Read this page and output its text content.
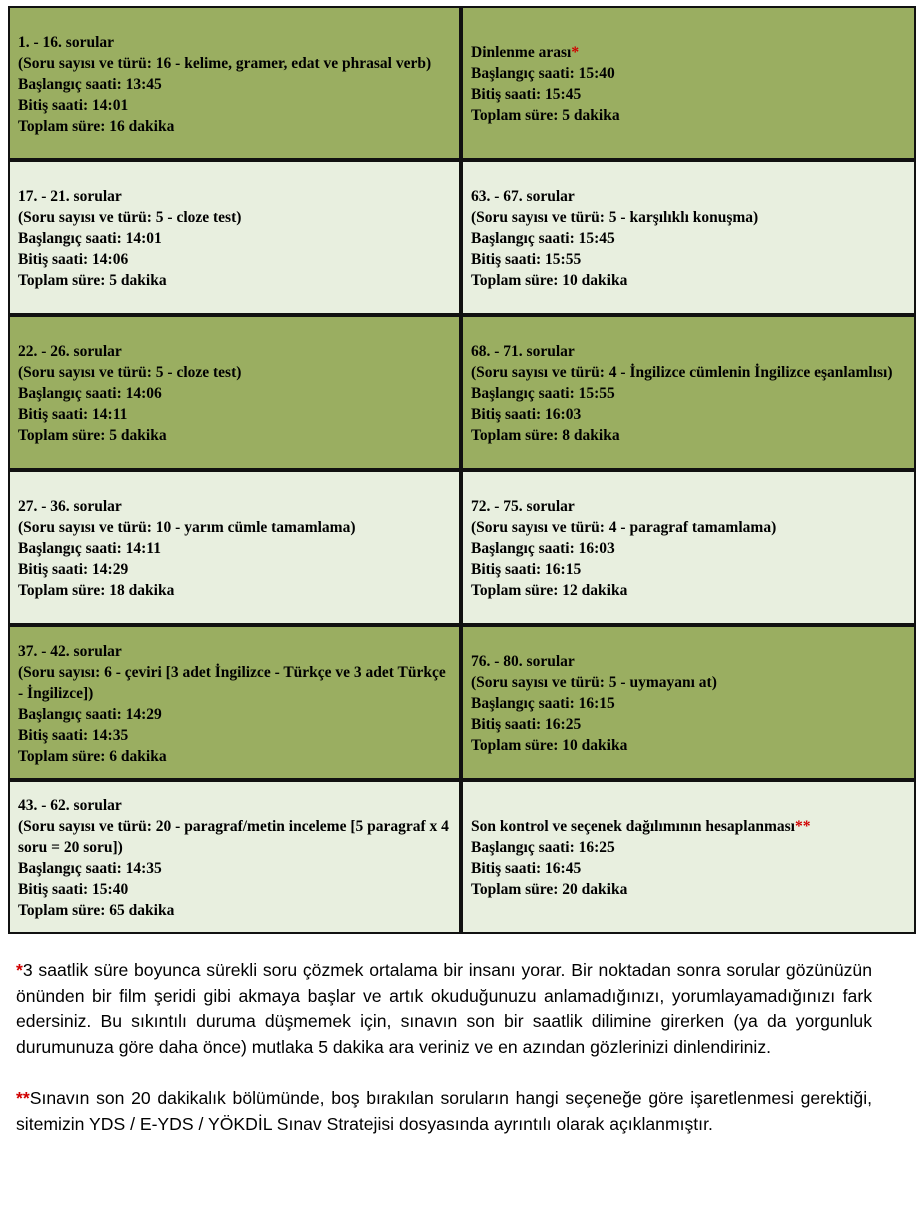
1. - 16. sorular
(Soru sayısı ve türü: 16 - kelime, gramer, edat ve phrasal verb)
Başlangıç saati: 13:45
Bitiş saati: 14:01
Toplam süre: 16 dakika
Dinlenme arası*
Başlangıç saati: 15:40
Bitiş saati: 15:45
Toplam süre: 5 dakika
17. - 21. sorular
(Soru sayısı ve türü: 5 - cloze test)
Başlangıç saati: 14:01
Bitiş saati: 14:06
Toplam süre: 5 dakika
63. - 67. sorular
(Soru sayısı ve türü: 5 - karşılıklı konuşma)
Başlangıç saati: 15:45
Bitiş saati: 15:55
Toplam süre: 10 dakika
22. - 26. sorular
(Soru sayısı ve türü: 5 - cloze test)
Başlangıç saati: 14:06
Bitiş saati: 14:11
Toplam süre: 5 dakika
68. - 71. sorular
(Soru sayısı ve türü: 4 - İngilizce cümlenin İngilizce eşanlamlısı)
Başlangıç saati: 15:55
Bitiş saati: 16:03
Toplam süre: 8 dakika
27. - 36. sorular
(Soru sayısı ve türü: 10 - yarım cümle tamamlama)
Başlangıç saati: 14:11
Bitiş saati: 14:29
Toplam süre: 18 dakika
72. - 75. sorular
(Soru sayısı ve türü: 4 - paragraf tamamlama)
Başlangıç saati: 16:03
Bitiş saati: 16:15
Toplam süre: 12 dakika
37. - 42. sorular
(Soru sayısı: 6 - çeviri [3 adet İngilizce - Türkçe ve 3 adet Türkçe - İngilizce])
Başlangıç saati: 14:29
Bitiş saati: 14:35
Toplam süre: 6 dakika
76. - 80. sorular
(Soru sayısı ve türü: 5 - uymayanı at)
Başlangıç saati: 16:15
Bitiş saati: 16:25
Toplam süre: 10 dakika
43. - 62. sorular
(Soru sayısı ve türü: 20 - paragraf/metin inceleme [5 paragraf x 4 soru = 20 soru])
Başlangıç saati: 14:35
Bitiş saati: 15:40
Toplam süre: 65 dakika
Son kontrol ve seçenek dağılımının hesaplanması**
Başlangıç saati: 16:25
Bitiş saati: 16:45
Toplam süre: 20 dakika

*3 saatlik süre boyunca sürekli soru çözmek ortalama bir insanı yorar. Bir noktadan sonra sorular gözünüzün önünden bir film şeridi gibi akmaya başlar ve artık okuduğunuzu anlamadığınızı, yorumlayamadığınızı fark edersiniz. Bu sıkıntılı duruma düşmemek için, sınavın son bir saatlik dilimine girerken (ya da yorgunluk durumunuza göre daha önce) mutlaka 5 dakika ara veriniz ve en azından gözlerinizi dinlendiriniz.

**Sınavın son 20 dakikalık bölümünde, boş bırakılan soruların hangi seçeneğe göre işaretlenmesi gerektiği, sitemizin YDS / E-YDS / YÖKDİL Sınav Stratejisi dosyasında ayrıntılı olarak açıklanmıştır.
